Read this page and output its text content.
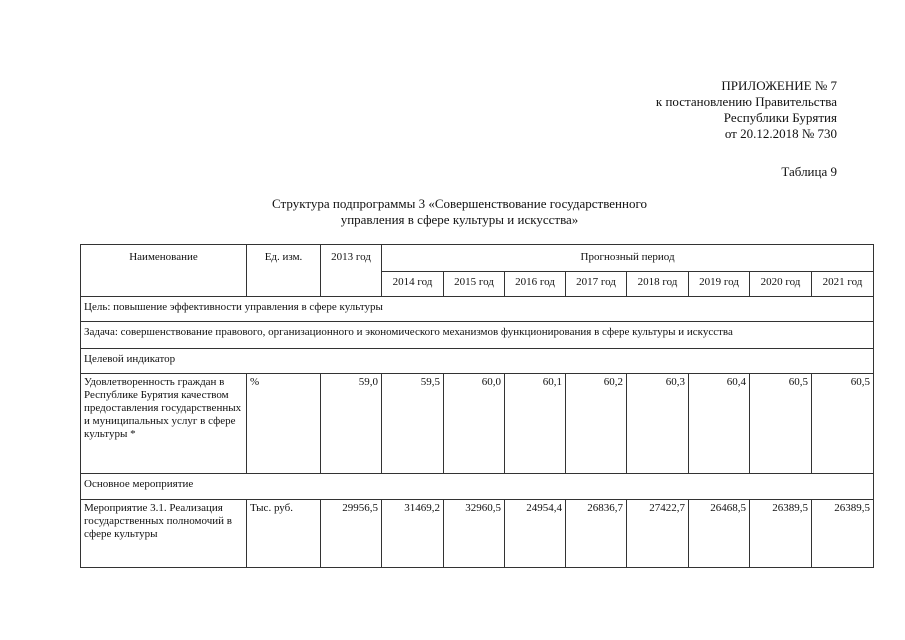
ПРИЛОЖЕНИЕ № 7
к постановлению Правительства
Республики Бурятия
от 20.12.2018 № 730
Таблица 9
Структура подпрограммы 3 «Совершенствование государственного
управления в сфере культуры и искусства»
Наименование	Ед. изм.	2013 год	Прогнозный период							
			2014 год	2015 год	2016 год	2017 год	2018 год	2019 год	2020 год	2021 год
Цель: повышение эффективности управления в сфере культуры										
Задача: совершенствование правового, организационного и экономического механизмов функционирования в сфере культуры и искусства										
Целевой индикатор										
Удовлетворенность граждан в Республике Бурятия качеством предоставления государственных и муниципальных услуг в сфере культуры *	%	59,0	59,5	60,0	60,1	60,2	60,3	60,4	60,5	60,5
Основное мероприятие										
Мероприятие 3.1. Реализация государственных полномочий в сфере культуры	Тыс. руб.	29956,5	31469,2	32960,5	24954,4	26836,7	27422,7	26468,5	26389,5	26389,5
